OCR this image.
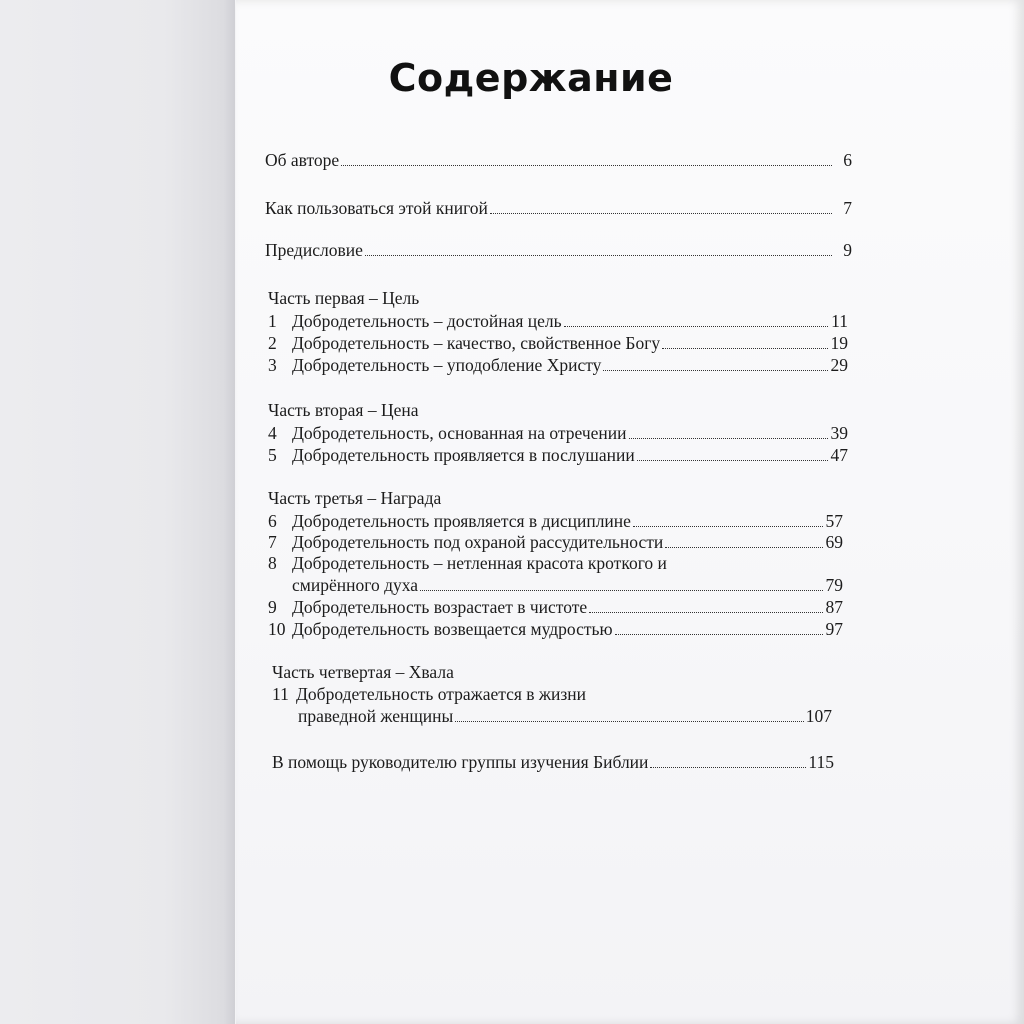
Содержание
Об авторе	6
Как пользоваться этой книгой	7
Предисловие	9
Часть первая – Цель
1 Добродетельность – достойная цель	11
2 Добродетельность – качество, свойственное Богу	19
3 Добродетельность – уподобление Христу	29
Часть вторая – Цена
4 Добродетельность, основанная на отречении	39
5 Добродетельность проявляется в послушании	47
Часть третья – Награда
6 Добродетельность проявляется в дисциплине	57
7 Добродетельность под охраной рассудительности	69
8 Добродетельность – нетленная красота кроткого и
смирённого духа	79
9 Добродетельность возрастает в чистоте	87
10 Добродетельность возвещается мудростью	97
Часть четвертая – Хвала
11 Добродетельность отражается в жизни
праведной женщины	107
В помощь руководителю группы изучения Библии	115
